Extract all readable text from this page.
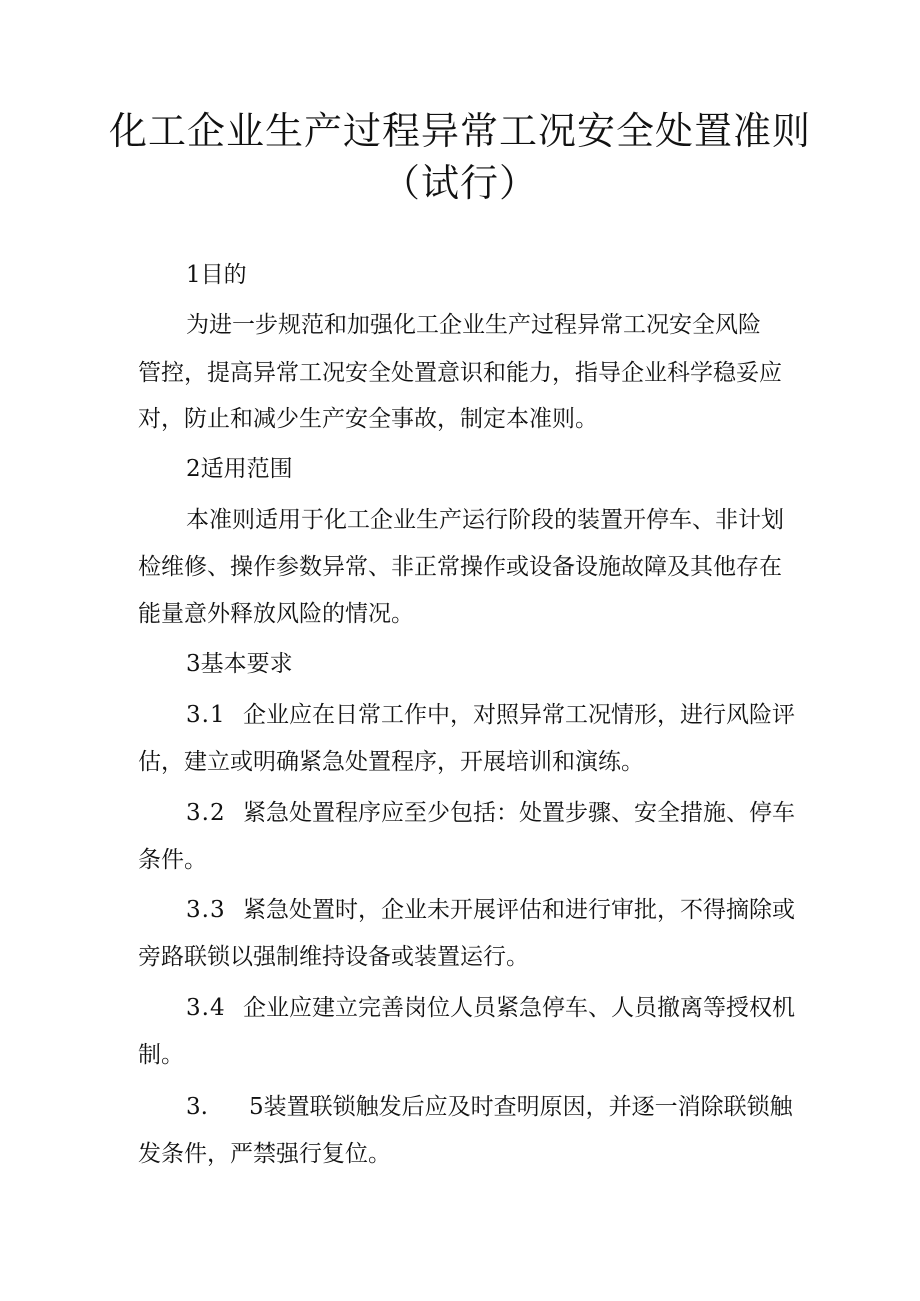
化工企业生产过程异常工况安全处置准则
（试行）
1目的
为进一步规范和加强化工企业生产过程异常工况安全风险
管控，提高异常工况安全处置意识和能力，指导企业科学稳妥应
对，防止和减少生产安全事故，制定本准则。
2适用范围
本准则适用于化工企业生产运行阶段的装置开停车、非计划
检维修、操作参数异常、非正常操作或设备设施故障及其他存在
能量意外释放风险的情况。
3基本要求
3.1 企业应在日常工作中，对照异常工况情形，进行风险评
估，建立或明确紧急处置程序，开展培训和演练。
3.2 紧急处置程序应至少包括：处置步骤、安全措施、停车
条件。
3.3 紧急处置时，企业未开展评估和进行审批，不得摘除或
旁路联锁以强制维持设备或装置运行。
3.4 企业应建立完善岗位人员紧急停车、人员撤离等授权机
制。
3. 5装置联锁触发后应及时查明原因，并逐一消除联锁触
发条件，严禁强行复位。
